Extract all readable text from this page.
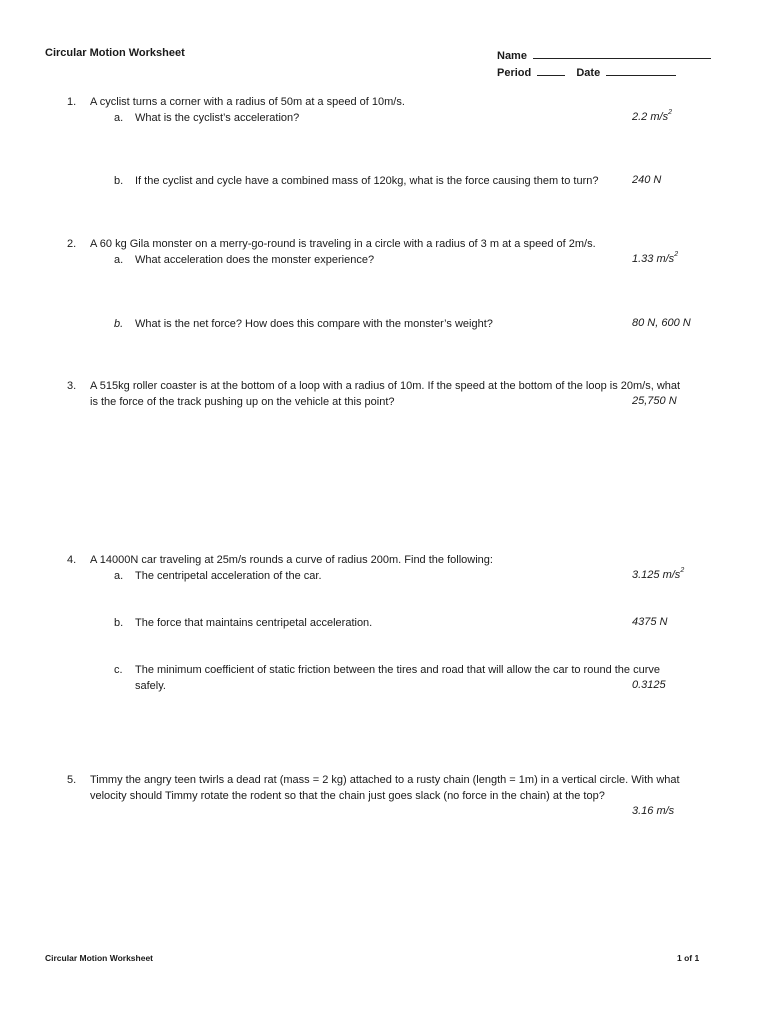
Circular Motion Worksheet	Name
Period	Date
1. A cyclist turns a corner with a radius of 50m at a speed of 10m/s.
a. What is the cyclist’s acceleration?	2.2 $m/s^2$
b. If the cyclist and cycle have a combined mass of 120kg, what is the force causing them to turn?	240 N
2. A 60 kg Gila monster on a merry-go-round is traveling in a circle with a radius of 3 m at a speed of 2m/s.
a. What acceleration does the monster experience?	1.33 $m/s^2$
b. What is the net force? How does this compare with the monster’s weight?	80 N, 600 N
3. A 515kg roller coaster is at the bottom of a loop with a radius of 10m. If the speed at the bottom of the loop is 20m/s, what
is the force of the track pushing up on the vehicle at this point?	25,750 N
4. A 14000N car traveling at 25m/s rounds a curve of radius 200m. Find the following:
a. The centripetal acceleration of the car.	3.125 $m/s^2$
b. The force that maintains centripetal acceleration.	4375 N
c. The minimum coefficient of static friction between the tires and road that will allow the car to round the curve
safely.	0.3125
5. Timmy the angry teen twirls a dead rat (mass = 2 kg) attached to a rusty chain (length = 1m) in a vertical circle. With what
velocity should Timmy rotate the rodent so that the chain just goes slack (no force in the chain) at the top?
3.16 m/s
Circular Motion Worksheet	1 of 1
